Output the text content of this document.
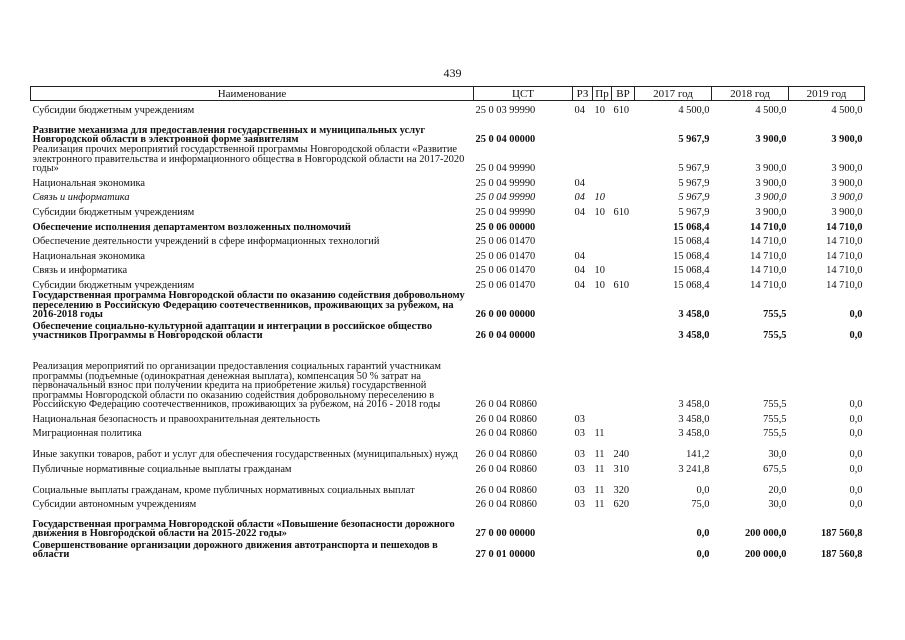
439
Наименование	ЦСТ	РЗ	Пр	ВР	2017 год	2018 год	2019 год
Субсидии бюджетным учреждениям	25 0 03 99990	04	10	610	4 500,0	4 500,0	4 500,0
Развитие механизма для предоставления государственных и муниципальных услуг Новгородской области в электронной форме заявителям	25 0 04 00000				5 967,9	3 900,0	3 900,0
Реализация прочих мероприятий государственной программы Новгородской области «Развитие электронного правительства и информационного общества в Новгородской области на 2017-2020 годы»	25 0 04 99990				5 967,9	3 900,0	3 900,0
Национальная экономика	25 0 04 99990	04			5 967,9	3 900,0	3 900,0
Связь и информатика	25 0 04 99990	04	10		5 967,9	3 900,0	3 900,0
Субсидии бюджетным учреждениям	25 0 04 99990	04	10	610	5 967,9	3 900,0	3 900,0
Обеспечение исполнения департаментом возложенных полномочий	25 0 06 00000				15 068,4	14 710,0	14 710,0
Обеспечение деятельности учреждений в сфере информационных технологий	25 0 06 01470				15 068,4	14 710,0	14 710,0
Национальная экономика	25 0 06 01470	04			15 068,4	14 710,0	14 710,0
Связь и информатика	25 0 06 01470	04	10		15 068,4	14 710,0	14 710,0
Субсидии бюджетным учреждениям	25 0 06 01470	04	10	610	15 068,4	14 710,0	14 710,0
Государственная программа Новгородской области по оказанию содействия добровольному переселению в Российскую Федерацию соотечественников, проживающих за рубежом, на 2016-2018 годы	26 0 00 00000				3 458,0	755,5	0,0
Обеспечение социально-культурной адаптации и интеграции в российское общество участников Программы в Новгородской области	26 0 04 00000				3 458,0	755,5	0,0
Реализация мероприятий по организации предоставления социальных гарантий участникам программы (подъемные (одинократная денежная выплата), компенсация 50 % затрат на первоначальный взнос при получении кредита на приобретение жилья) государственной программы Новгородской области по оказанию содействия добровольному переселению в Российскую Федерацию соотечественников, проживающих за рубежом, на 2016 - 2018 годы	26 0 04 R0860				3 458,0	755,5	0,0
Национальная безопасность и правоохранительная деятельность	26 0 04 R0860	03			3 458,0	755,5	0,0
Миграционная политика	26 0 04 R0860	03	11		3 458,0	755,5	0,0
Иные закупки товаров, работ и услуг для обеспечения государственных (муниципальных) нужд	26 0 04 R0860	03	11	240	141,2	30,0	0,0
Публичные нормативные социальные выплаты гражданам	26 0 04 R0860	03	11	310	3 241,8	675,5	0,0
Социальные выплаты гражданам, кроме публичных нормативных социальных выплат	26 0 04 R0860	03	11	320	0,0	20,0	0,0
Субсидии автономным учреждениям	26 0 04 R0860	03	11	620	75,0	30,0	0,0
Государственная программа Новгородской области «Повышение безопасности дорожного движения в Новгородской области на 2015-2022 годы»	27 0 00 00000				0,0	200 000,0	187 560,8
Совершенствование организации дорожного движения автотранспорта и пешеходов в области	27 0 01 00000				0,0	200 000,0	187 560,8
